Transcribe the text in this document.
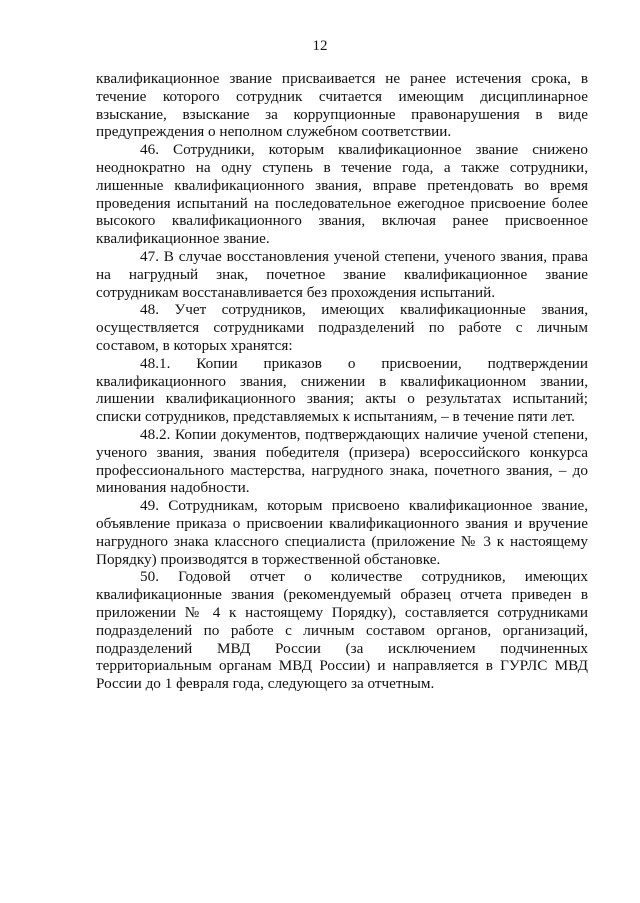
12

квалификационное звание присваивается не ранее истечения срока, в течение которого сотрудник считается имеющим дисциплинарное взыскание, взыскание за коррупционные правонарушения в виде предупреждения о неполном служебном соответствии.

46. Сотрудники, которым квалификационное звание снижено неоднократно на одну ступень в течение года, а также сотрудники, лишенные квалификационного звания, вправе претендовать во время проведения испытаний на последовательное ежегодное присвоение более высокого квалификационного звания, включая ранее присвоенное квалификационное звание.

47. В случае восстановления ученой степени, ученого звания, права на нагрудный знак, почетное звание квалификационное звание сотрудникам восстанавливается без прохождения испытаний.

48. Учет сотрудников, имеющих квалификационные звания, осуществляется сотрудниками подразделений по работе с личным составом, в которых хранятся:

48.1. Копии приказов о присвоении, подтверждении квалификационного звания, снижении в квалификационном звании, лишении квалификационного звания; акты о результатах испытаний; списки сотрудников, представляемых к испытаниям, – в течение пяти лет.

48.2. Копии документов, подтверждающих наличие ученой степени, ученого звания, звания победителя (призера) всероссийского конкурса профессионального мастерства, нагрудного знака, почетного звания, – до минования надобности.

49. Сотрудникам, которым присвоено квалификационное звание, объявление приказа о присвоении квалификационного звания и вручение нагрудного знака классного специалиста (приложение № 3 к настоящему Порядку) производятся в торжественной обстановке.

50. Годовой отчет о количестве сотрудников, имеющих квалификационные звания (рекомендуемый образец отчета приведен в приложении № 4 к настоящему Порядку), составляется сотрудниками подразделений по работе с личным составом органов, организаций, подразделений МВД России (за исключением подчиненных территориальным органам МВД России) и направляется в ГУРЛС МВД России до 1 февраля года, следующего за отчетным.
